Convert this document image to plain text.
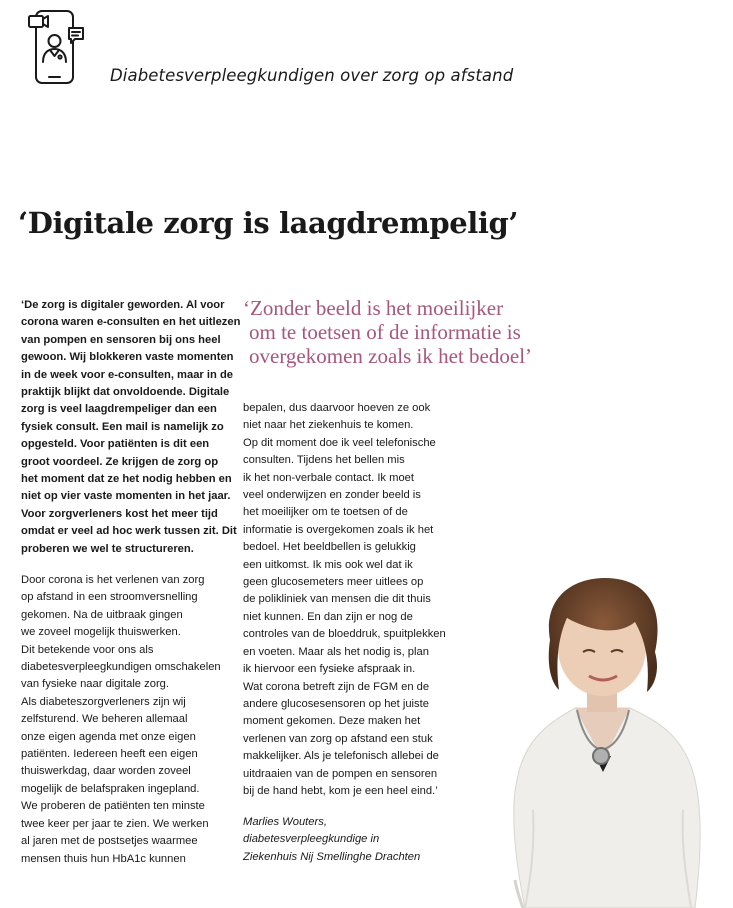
Diabetesverpleegkundigen over zorg op afstand
‘Digitale zorg is laagdrempelig’
‘De zorg is digitaler geworden. Al voor
corona waren e-consulten en het uitlezen
van pompen en sensoren bij ons heel
gewoon. Wij blokkeren vaste momenten
in de week voor e-consulten, maar in de
praktijk blijkt dat onvoldoende. Digitale
zorg is veel laagdrempeliger dan een
fysiek consult. Een mail is namelijk zo
opgesteld. Voor patiënten is dit een
groot voordeel. Ze krijgen de zorg op
het moment dat ze het nodig hebben en
niet op vier vaste momenten in het jaar.
Voor zorgverleners kost het meer tijd
omdat er veel ad hoc werk tussen zit. Dit
proberen we wel te structureren.
‘Zonder beeld is het moeilijker
om te toetsen of de informatie is
overgekomen zoals ik het bedoel’
Door corona is het verlenen van zorg
op afstand in een stroomversnelling
gekomen. Na de uitbraak gingen
we zoveel mogelijk thuiswerken.
Dit betekende voor ons als
diabetesverpleegkundigen omschakelen
van fysieke naar digitale zorg.
Als diabeteszorgverleners zijn wij
zelfsturend. We beheren allemaal
onze eigen agenda met onze eigen
patiënten. Iedereen heeft een eigen
thuiswerkdag, daar worden zoveel
mogelijk de belafspraken ingepland.
We proberen de patiënten ten minste
twee keer per jaar te zien. We werken
al jaren met de postsetjes waarmee
mensen thuis hun HbA1c kunnen
bepalen, dus daarvoor hoeven ze ook
niet naar het ziekenhuis te komen.
Op dit moment doe ik veel telefonische
consulten. Tijdens het bellen mis
ik het non-verbale contact. Ik moet
veel onderwijzen en zonder beeld is
het moeilijker om te toetsen of de
informatie is overgekomen zoals ik het
bedoel. Het beeldbellen is gelukkig
een uitkomst. Ik mis ook wel dat ik
geen glucosemeters meer uitlees op
de polikliniek van mensen die dit thuis
niet kunnen. En dan zijn er nog de
controles van de bloeddruk, spuitplekken
en voeten. Maar als het nodig is, plan
ik hiervoor een fysieke afspraak in.
Wat corona betreft zijn de FGM en de
andere glucosesensoren op het juiste
moment gekomen. Deze maken het
verlenen van zorg op afstand een stuk
makkelijker. Als je telefonisch allebei de
uitdraaien van de pompen en sensoren
bij de hand hebt, kom je een heel eind.’
Marlies Wouters,
diabetesverpleegkundige in
Ziekenhuis Nij Smellinghe Drachten
